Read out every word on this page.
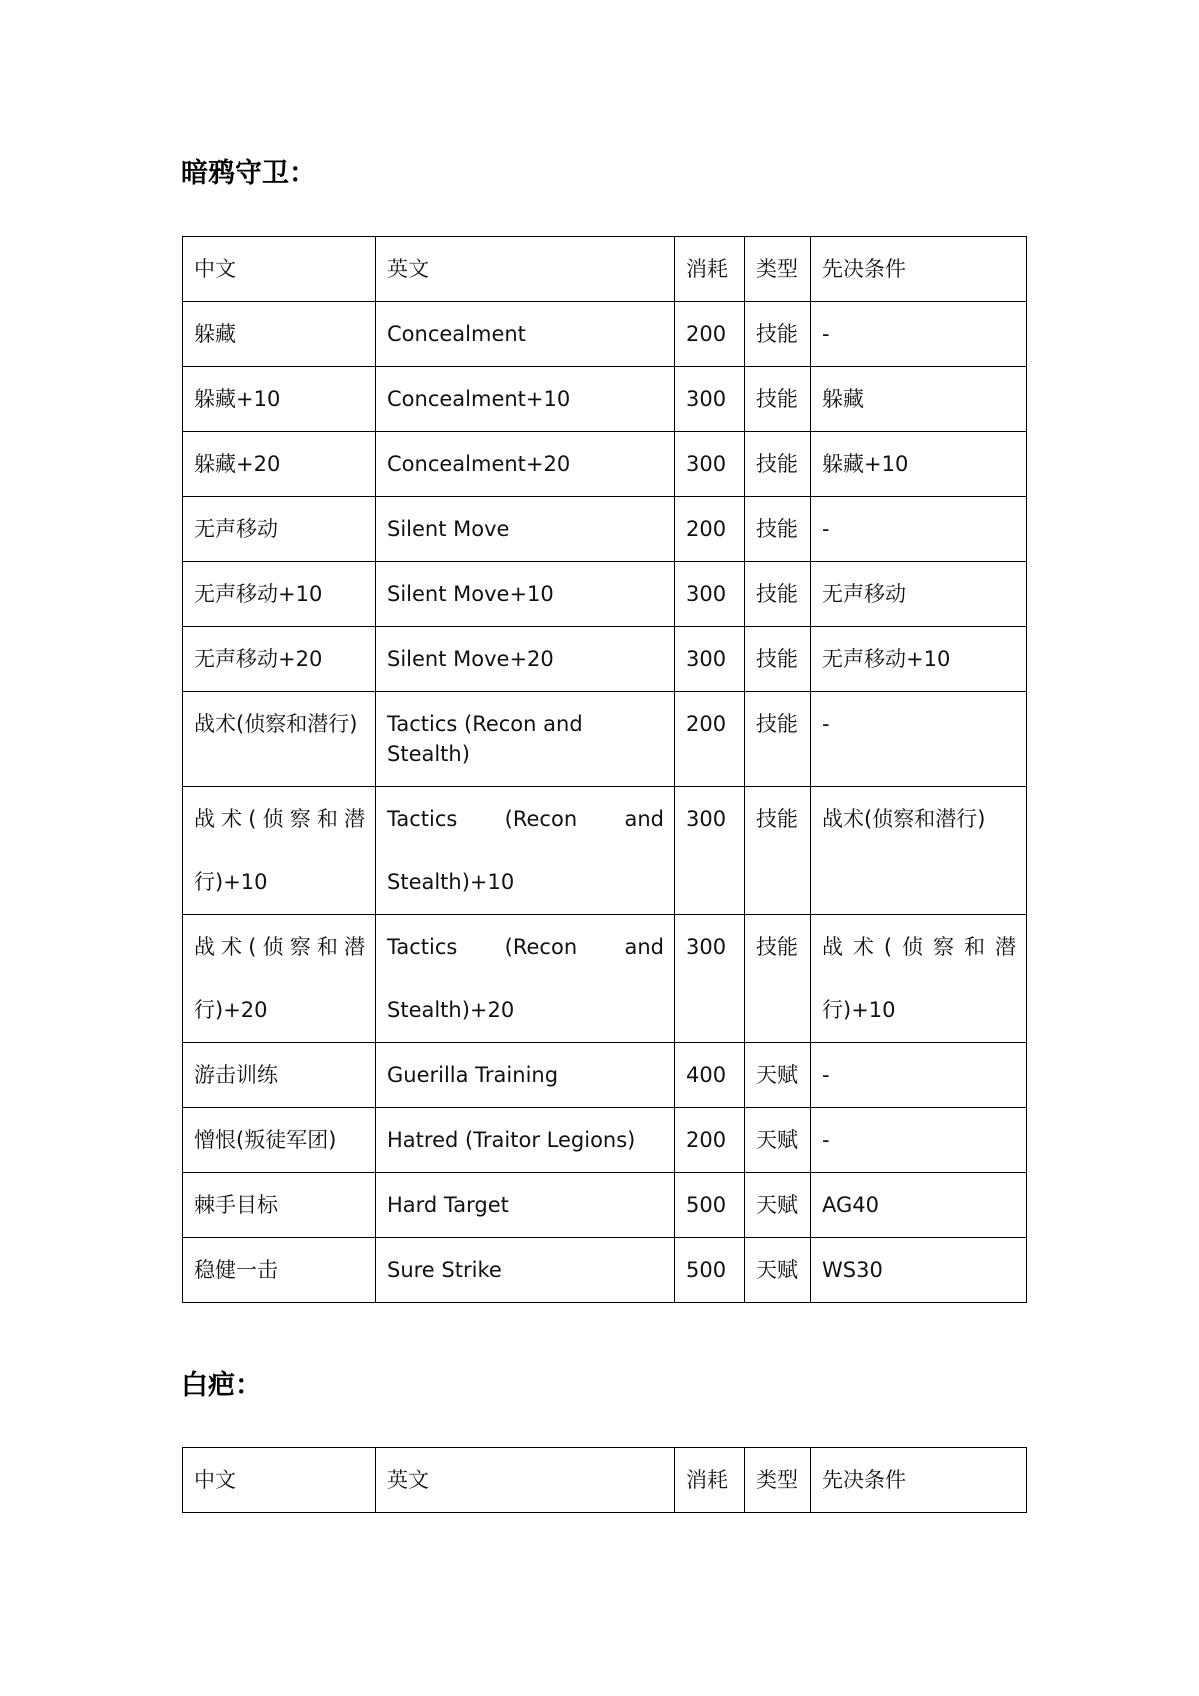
暗鸦守卫：
中文	英文	消耗	类型	先决条件
躲藏	Concealment	200	技能	-
躲藏+10	Concealment+10	300	技能	躲藏
躲藏+20	Concealment+20	300	技能	躲藏+10
无声移动	Silent Move	200	技能	-
无声移动+10	Silent Move+10	300	技能	无声移动
无声移动+20	Silent Move+20	300	技能	无声移动+10
战术(侦察和潜行)	Tactics (Recon and Stealth)	200	技能	-
战术(侦察和潜行)+10	Tactics (Recon and Stealth)+10	300	技能	战术(侦察和潜行)
战术(侦察和潜行)+20	Tactics (Recon and Stealth)+20	300	技能	战术(侦察和潜行)+10
游击训练	Guerilla Training	400	天赋	-
憎恨(叛徒军团)	Hatred (Traitor Legions)	200	天赋	-
棘手目标	Hard Target	500	天赋	AG40
稳健一击	Sure Strike	500	天赋	WS30
白疤：
中文	英文	消耗	类型	先决条件
